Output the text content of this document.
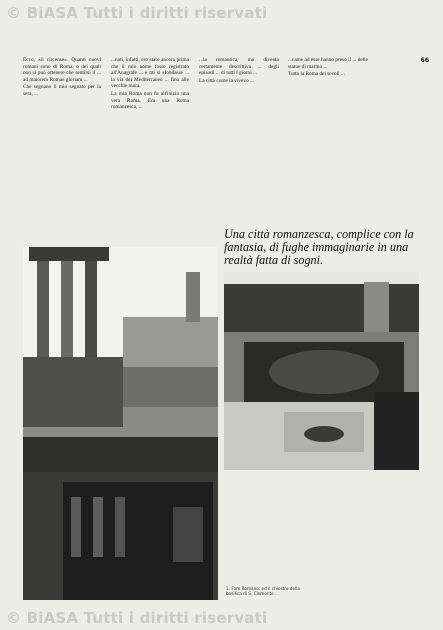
© BiASA Tutti i diritti riservati
66

Ecco, «il circense». Quanti nuovi romani sono di Roma, o dei quali non si può ottenere che sentirsi il ... ad maiorem Romae gloriam ...

Che segnano il mio segnalo per la sera, ...

...nati, infatti, ero stato ancora prima che il mio nome fosse registrato all'Anagrafe ... e mi si sfondasse ... la via del Mediterraneo ... fino alle vecchie mura.

La mia Roma non fu all'inizio una vera Roma. Era una Roma romanzesca, ...

...la romantica, ma diventa certamente descrittiva ... degli episodi ... di tutti i giorni ...

La città come la vivevo ...

...came ad esse hanno preso il ... delle statue di marmo ...

Tutta la Roma dei secoli ...

Una città romanzesca, complice con la fantasia, di fughe immaginarie in una realtà fatta di sogni.
1. Foro Romano: ed il chiostro della basilica di S. Clemente ...
© BiASA Tutti i diritti riservati
